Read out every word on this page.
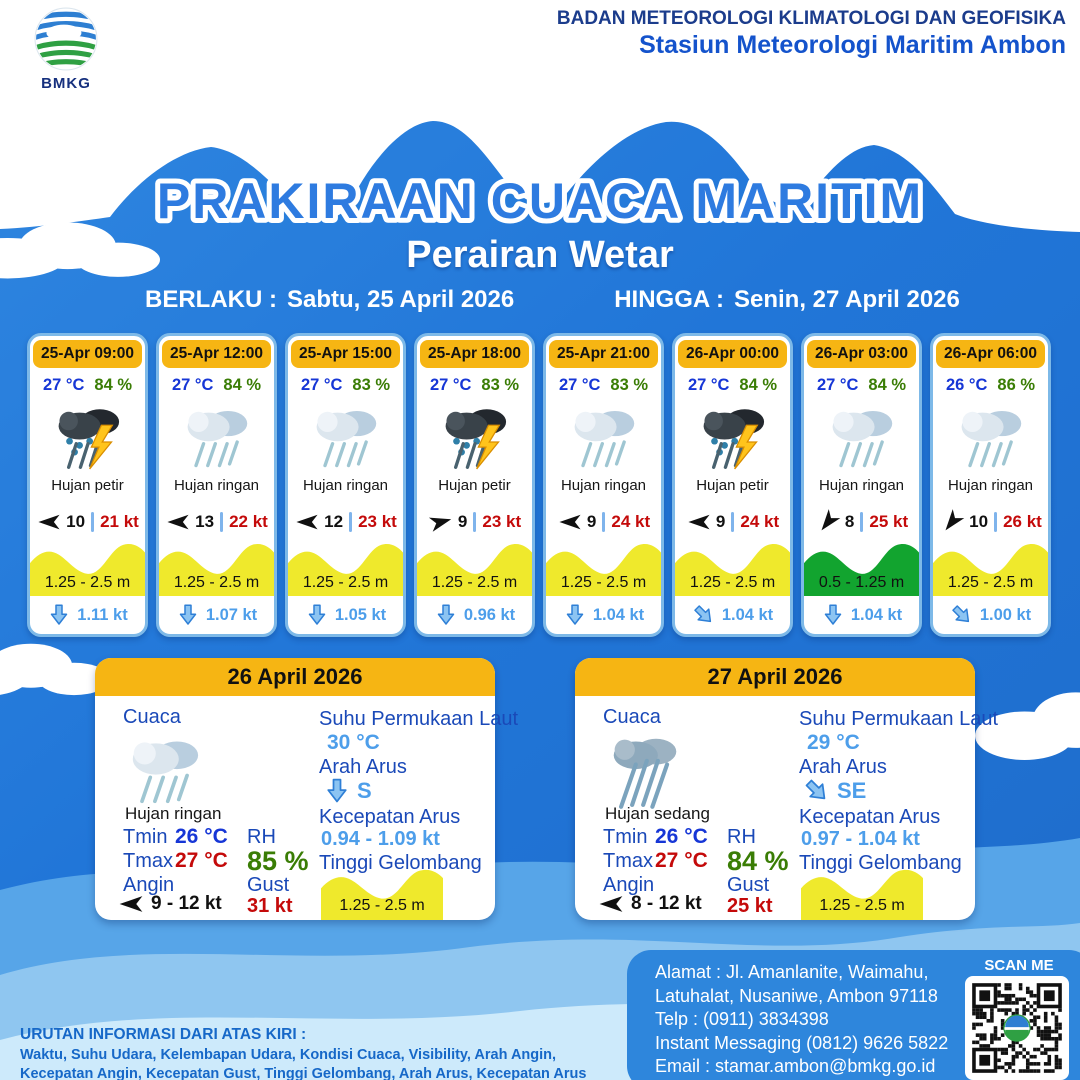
BMKG
BADAN METEOROLOGI KLIMATOLOGI DAN GEOFISIKA
Stasiun Meteorologi Maritim Ambon
PRAKIRAAN CUACA MARITIM
Perairan Wetar
BERLAKU : Sabtu, 25 April 2026	HINGGA : Senin, 27 April 2026
25-Apr 09:00
27 °C 84 %
Hujan petir
10 21 kt
1.25 - 2.5 m
1.11 kt
25-Apr 12:00
27 °C 84 %
Hujan ringan
13 22 kt
1.25 - 2.5 m
1.07 kt
25-Apr 15:00
27 °C 83 %
Hujan ringan
12 23 kt
1.25 - 2.5 m
1.05 kt
25-Apr 18:00
27 °C 83 %
Hujan petir
9 23 kt
1.25 - 2.5 m
0.96 kt
25-Apr 21:00
27 °C 83 %
Hujan ringan
9 24 kt
1.25 - 2.5 m
1.04 kt
26-Apr 00:00
27 °C 84 %
Hujan petir
9 24 kt
1.25 - 2.5 m
1.04 kt
26-Apr 03:00
27 °C 84 %
Hujan ringan
8 25 kt
0.5 - 1.25 m
1.04 kt
26-Apr 06:00
26 °C 86 %
Hujan ringan
10 26 kt
1.25 - 2.5 m
1.00 kt
26 April 2026
Cuaca
Hujan ringan
Tmin 26 °C
Tmax 27 °C
Angin
9 - 12 kt
RH
85 %
Gust
31 kt
Suhu Permukaan Laut
30 °C
Arah Arus
S
Kecepatan Arus
0.94 - 1.09 kt
Tinggi Gelombang
1.25 - 2.5 m
27 April 2026
Cuaca
Hujan sedang
Tmin 26 °C
Tmax 27 °C
Angin
8 - 12 kt
RH
84 %
Gust
25 kt
Suhu Permukaan Laut
29 °C
Arah Arus
SE
Kecepatan Arus
0.97 - 1.04 kt
Tinggi Gelombang
1.25 - 2.5 m
URUTAN INFORMASI DARI ATAS KIRI :
Waktu, Suhu Udara, Kelembapan Udara, Kondisi Cuaca, Visibility, Arah Angin,
Kecepatan Angin, Kecepatan Gust, Tinggi Gelombang, Arah Arus, Kecepatan Arus
Alamat : Jl. Amanlanite, Waimahu,
Latuhalat, Nusaniwe, Ambon 97118
Telp : (0911) 3834398
Instant Messaging (0812) 9626 5822
Email : stamar.ambon@bmkg.go.id
SCAN ME
